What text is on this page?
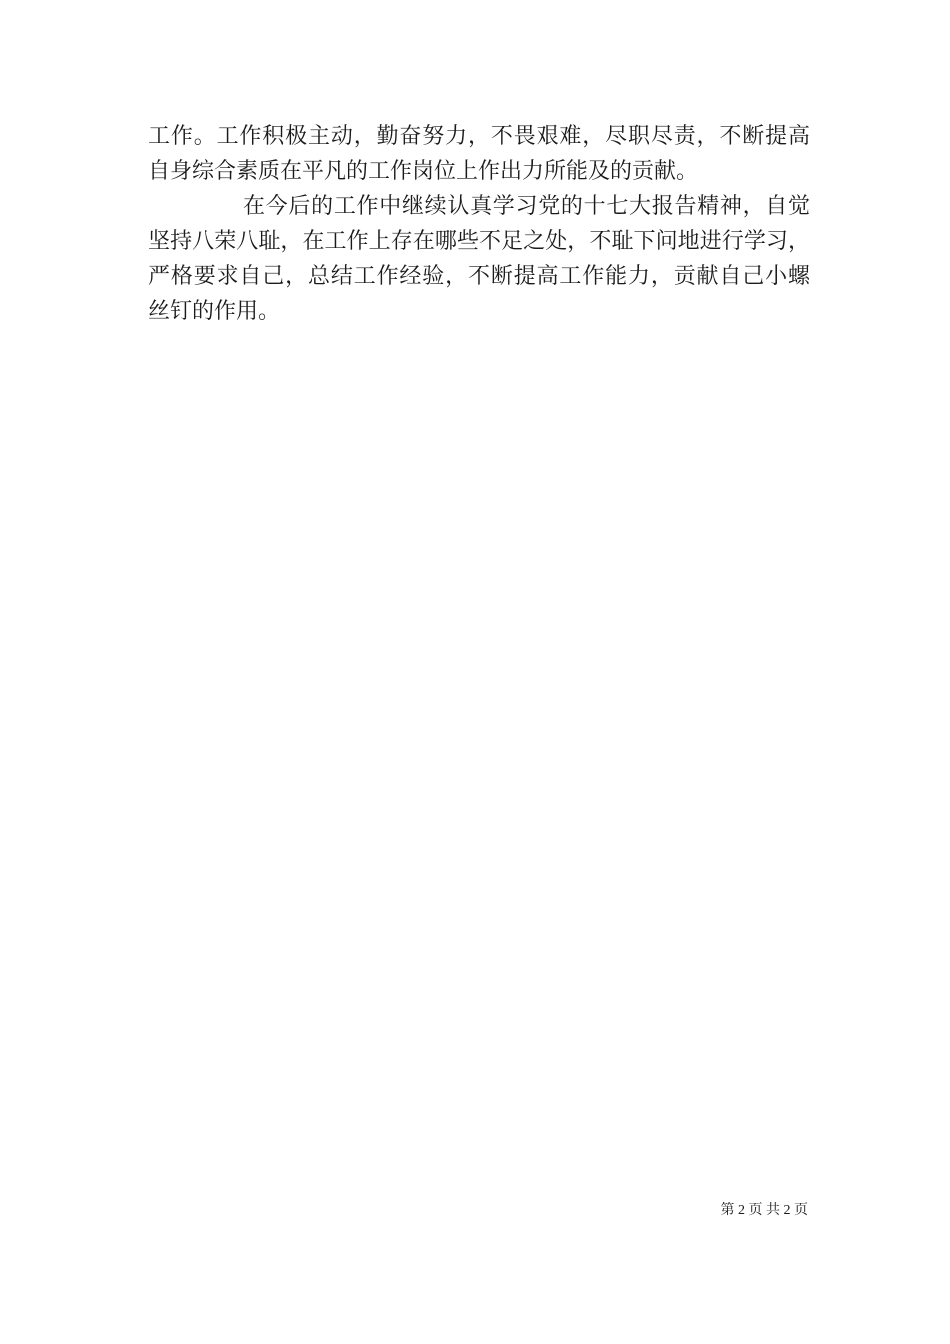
工作。工作积极主动，勤奋努力，不畏艰难，尽职尽责，不断提高
自身综合素质在平凡的工作岗位上作出力所能及的贡献。
在今后的工作中继续认真学习党的十七大报告精神，自觉
坚持八荣八耻，在工作上存在哪些不足之处，不耻下问地进行学习，
严格要求自己，总结工作经验，不断提高工作能力，贡献自己小螺
丝钉的作用。
第 2 页 共 2 页
